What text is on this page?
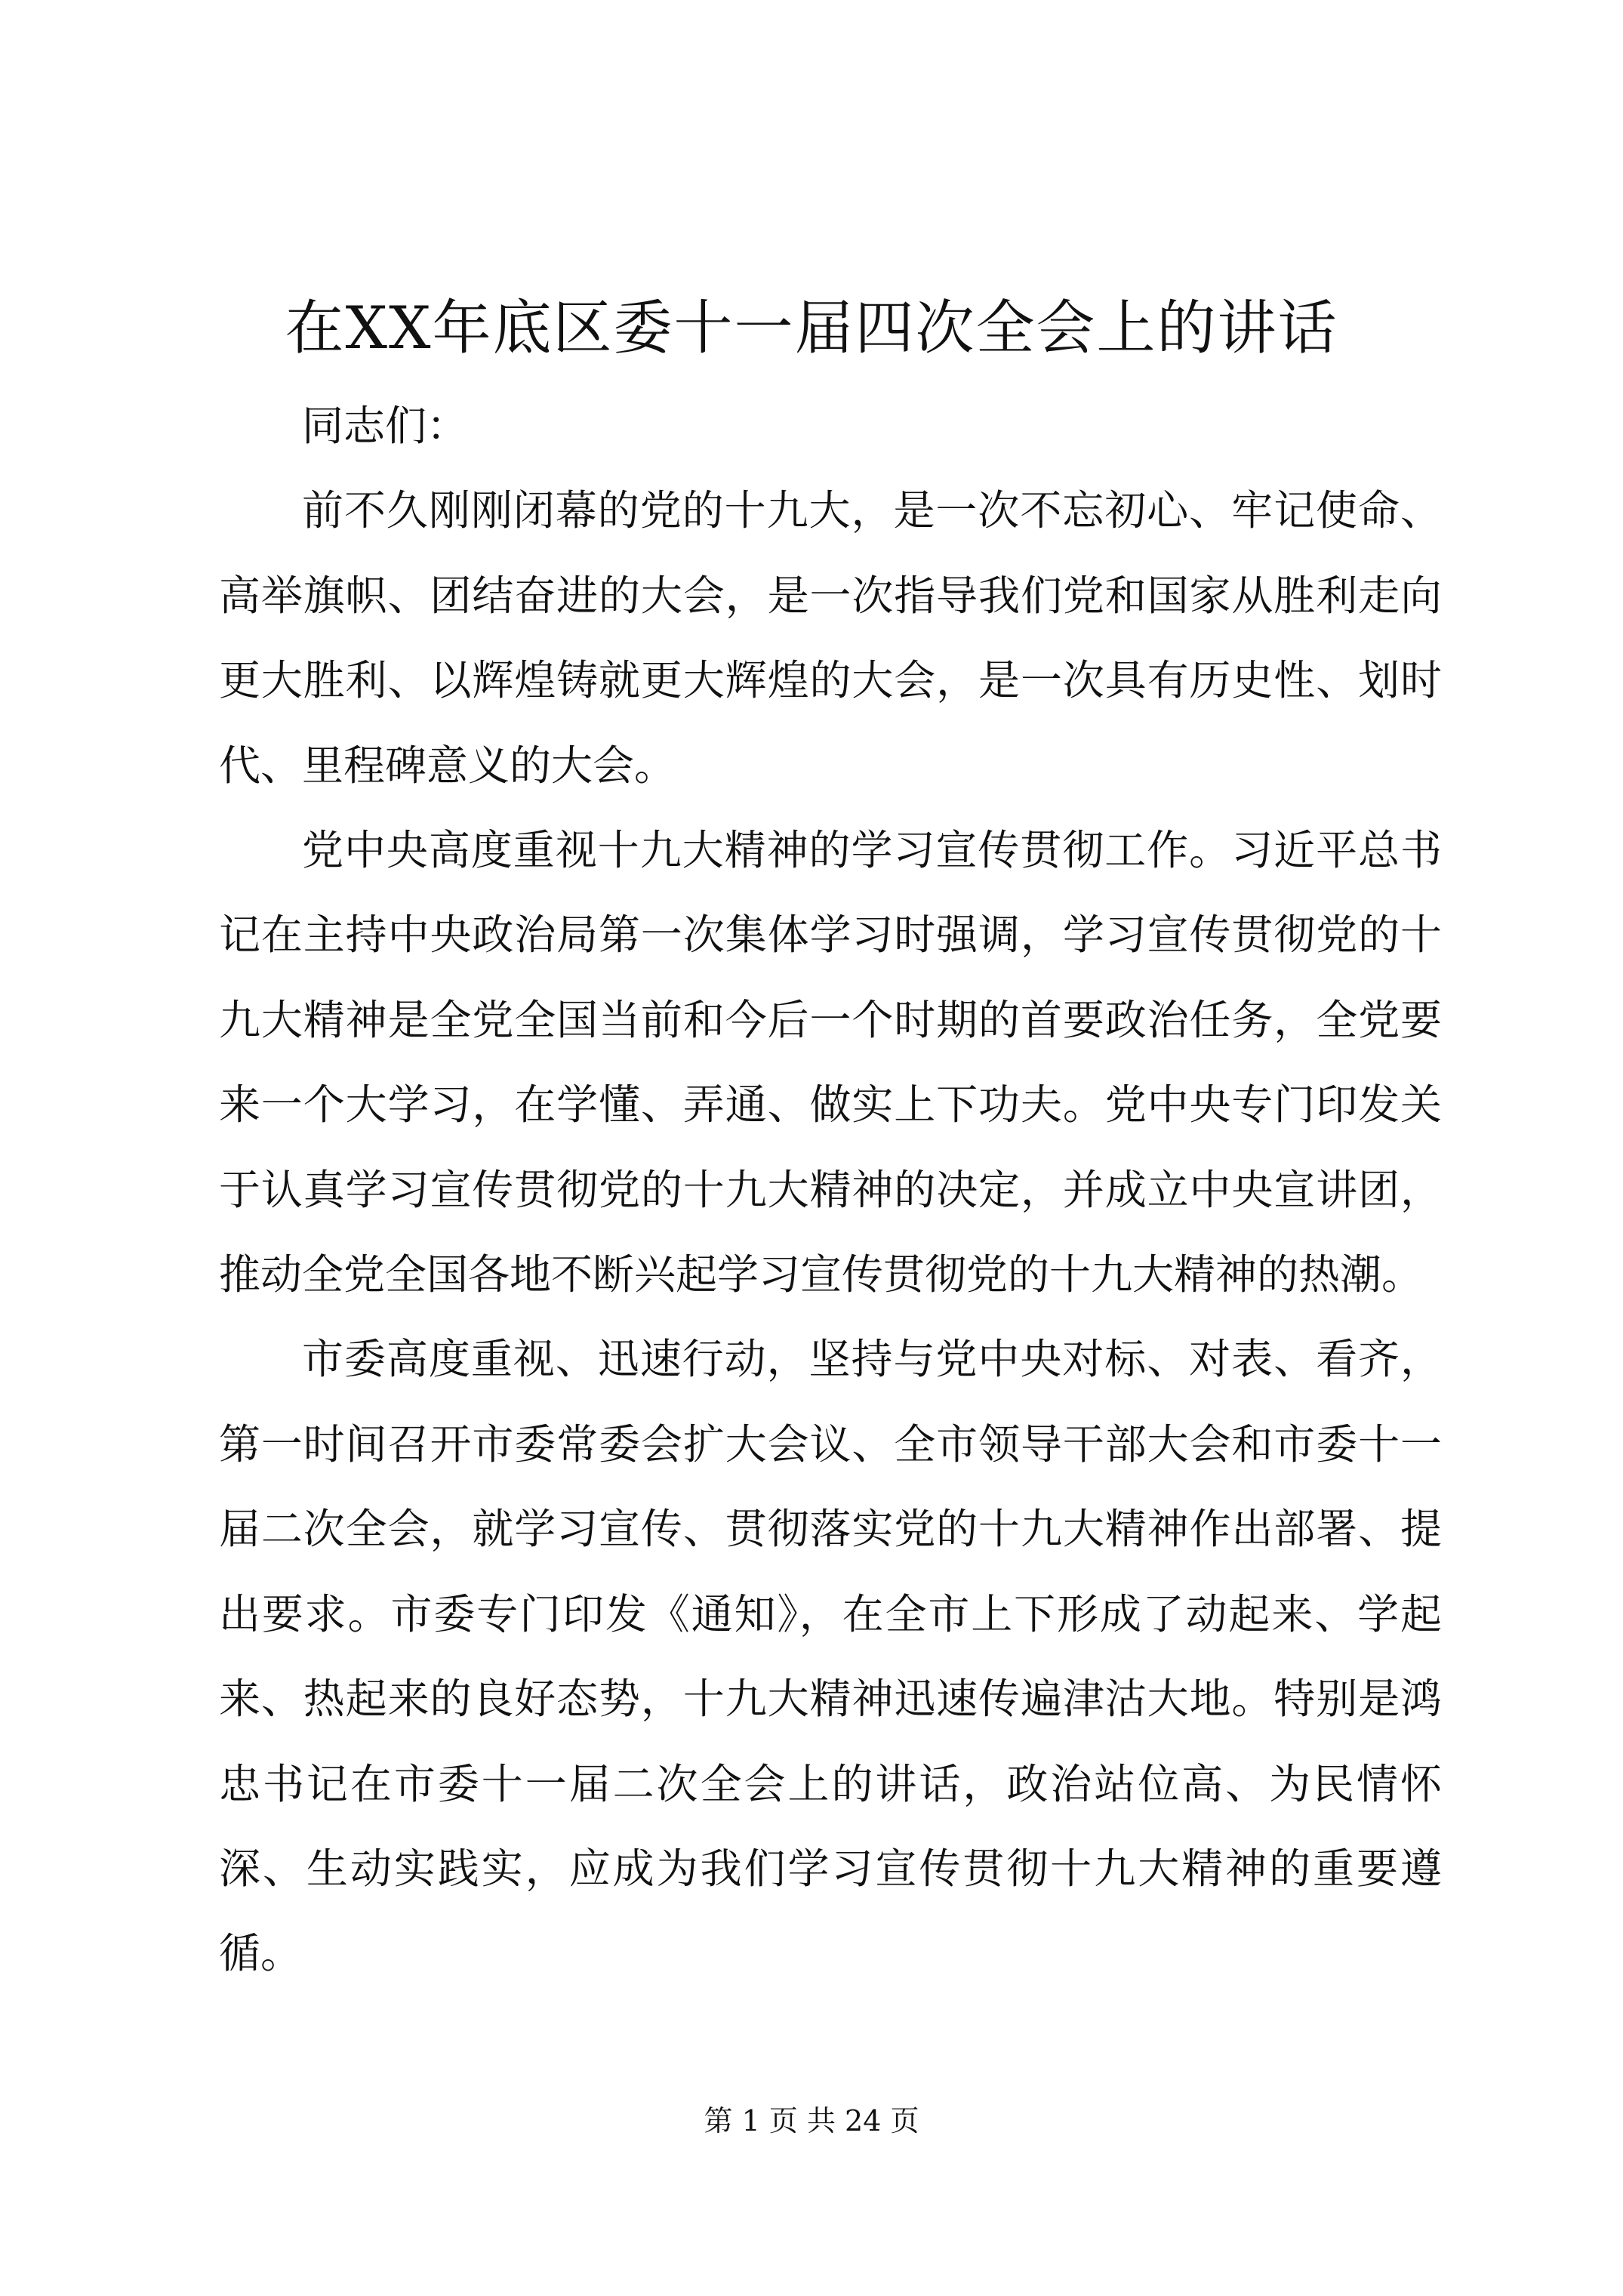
在XX年底区委十一届四次全会上的讲话

同志们：

前不久刚刚闭幕的党的十九大，是一次不忘初心、牢记使命、高举旗帜、团结奋进的大会，是一次指导我们党和国家从胜利走向更大胜利、以辉煌铸就更大辉煌的大会，是一次具有历史性、划时代、里程碑意义的大会。

党中央高度重视十九大精神的学习宣传贯彻工作。习近平总书记在主持中央政治局第一次集体学习时强调，学习宣传贯彻党的十九大精神是全党全国当前和今后一个时期的首要政治任务，全党要来一个大学习，在学懂、弄通、做实上下功夫。党中央专门印发关于认真学习宣传贯彻党的十九大精神的决定，并成立中央宣讲团，推动全党全国各地不断兴起学习宣传贯彻党的十九大精神的热潮。

市委高度重视、迅速行动，坚持与党中央对标、对表、看齐，第一时间召开市委常委会扩大会议、全市领导干部大会和市委十一届二次全会，就学习宣传、贯彻落实党的十九大精神作出部署、提出要求。市委专门印发《通知》，在全市上下形成了动起来、学起来、热起来的良好态势，十九大精神迅速传遍津沽大地。特别是鸿忠书记在市委十一届二次全会上的讲话，政治站位高、为民情怀深、生动实践实，应成为我们学习宣传贯彻十九大精神的重要遵循。

第 1 页 共 24 页
